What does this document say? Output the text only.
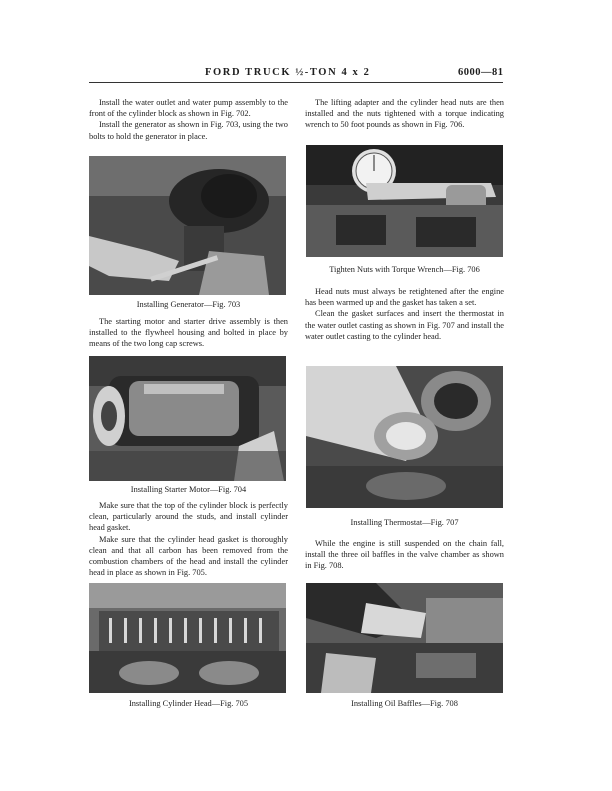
FORD TRUCK ½-TON 4 x 2	6000—81

Install the water outlet and water pump assembly to the front of the cylinder block as shown in Fig. 702.

Install the generator as shown in Fig. 703, using the two bolts to hold the generator in place.

Installing Generator—Fig. 703

The starting motor and starter drive assembly is then installed to the flywheel housing and bolted in place by means of the two long cap screws.

Installing Starter Motor—Fig. 704

Make sure that the top of the cylinder block is perfectly clean, particularly around the studs, and install cylinder head gasket.

Make sure that the cylinder head gasket is thoroughly clean and that all carbon has been removed from the combustion chambers of the head and install the cylinder head in place as shown in Fig. 705.

Installing Cylinder Head—Fig. 705

The lifting adapter and the cylinder head nuts are then installed and the nuts tightened with a torque indicating wrench to 50 foot pounds as shown in Fig. 706.

Tighten Nuts with Torque Wrench—Fig. 706

Head nuts must always be retightened after the engine has been warmed up and the gasket has taken a set.

Clean the gasket surfaces and insert the thermostat in the water outlet casting as shown in Fig. 707 and install the water outlet casting to the cylinder head.

Installing Thermostat—Fig. 707

While the engine is still suspended on the chain fall, install the three oil baffles in the valve chamber as shown in Fig. 708.

Installing Oil Baffles—Fig. 708
